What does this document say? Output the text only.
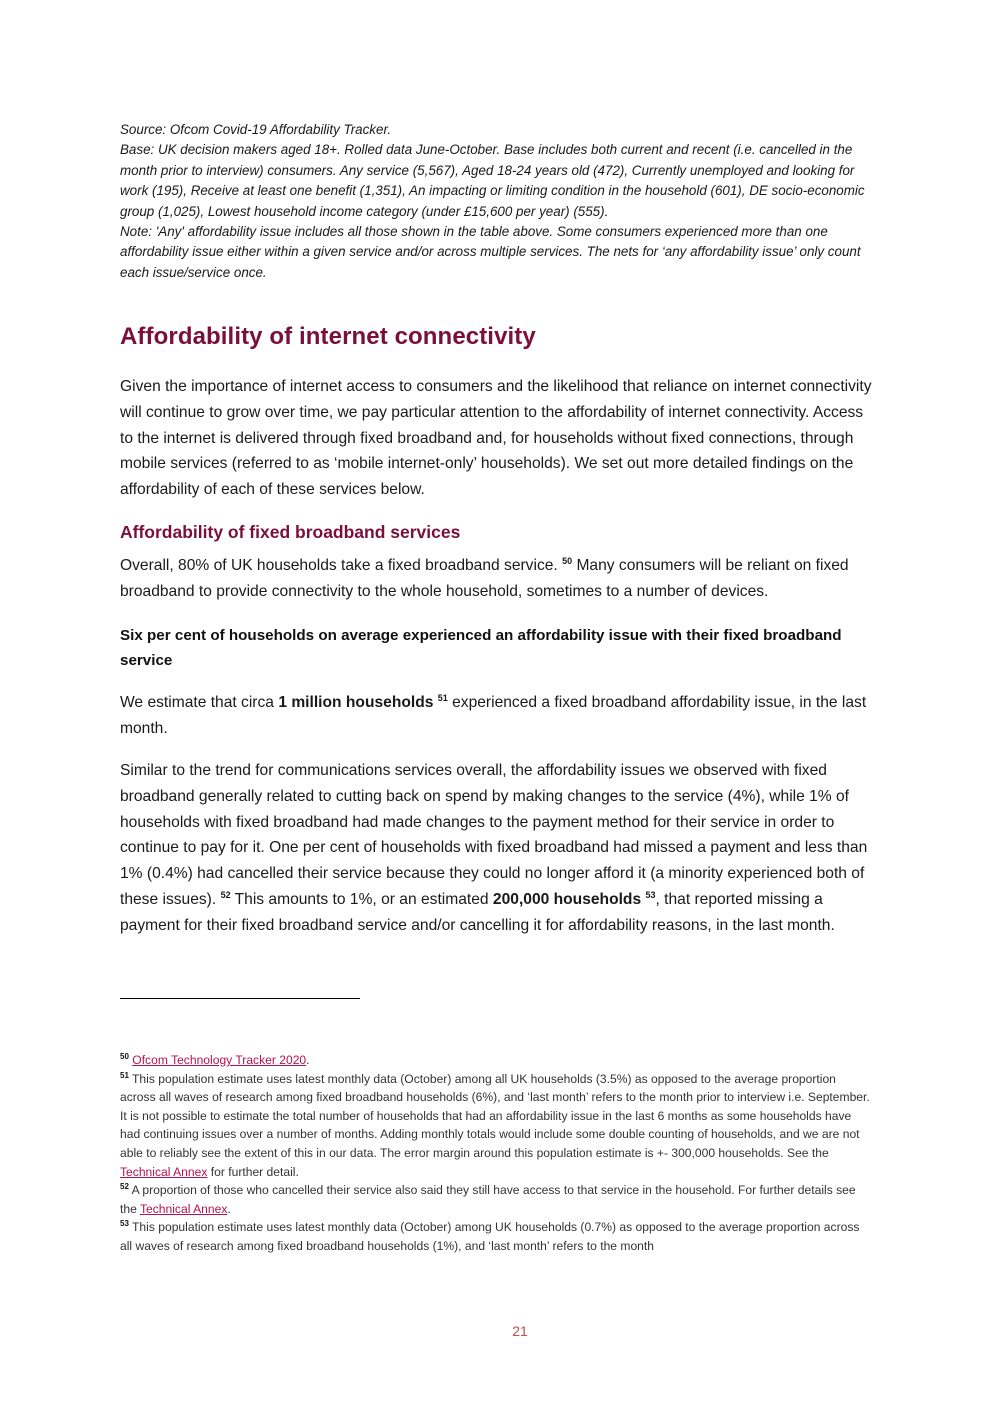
Source: Ofcom Covid-19 Affordability Tracker.

Base: UK decision makers aged 18+. Rolled data June-October. Base includes both current and recent (i.e. cancelled in the month prior to interview) consumers. Any service (5,567), Aged 18-24 years old (472), Currently unemployed and looking for work (195), Receive at least one benefit (1,351), An impacting or limiting condition in the household (601), DE socio-economic group (1,025), Lowest household income category (under £15,600 per year) (555).

Note: 'Any' affordability issue includes all those shown in the table above. Some consumers experienced more than one affordability issue either within a given service and/or across multiple services. The nets for ‘any affordability issue’ only count each issue/service once.

Affordability of internet connectivity

Given the importance of internet access to consumers and the likelihood that reliance on internet connectivity will continue to grow over time, we pay particular attention to the affordability of internet connectivity. Access to the internet is delivered through fixed broadband and, for households without fixed connections, through mobile services (referred to as ‘mobile internet-only’ households). We set out more detailed findings on the affordability of each of these services below.

Affordability of fixed broadband services

Overall, 80% of UK households take a fixed broadband service. $^{50}$ Many consumers will be reliant on fixed broadband to provide connectivity to the whole household, sometimes to a number of devices.

Six per cent of households on average experienced an affordability issue with their fixed broadband service

We estimate that circa 1 million households $^{51}$ experienced a fixed broadband affordability issue, in the last month.

Similar to the trend for communications services overall, the affordability issues we observed with fixed broadband generally related to cutting back on spend by making changes to the service (4%), while 1% of households with fixed broadband had made changes to the payment method for their service in order to continue to pay for it. One per cent of households with fixed broadband had missed a payment and less than 1% (0.4%) had cancelled their service because they could no longer afford it (a minority experienced both of these issues). $^{52}$ This amounts to 1%, or an estimated 200,000 households $^{53}$, that reported missing a payment for their fixed broadband service and/or cancelling it for affordability reasons, in the last month.

$^{50}$ Ofcom Technology Tracker 2020.

$^{51}$ This population estimate uses latest monthly data (October) among all UK households (3.5%) as opposed to the average proportion across all waves of research among fixed broadband households (6%), and ‘last month’ refers to the month prior to interview i.e. September. It is not possible to estimate the total number of households that had an affordability issue in the last 6 months as some households have had continuing issues over a number of months. Adding monthly totals would include some double counting of households, and we are not able to reliably see the extent of this in our data. The error margin around this population estimate is +- 300,000 households. See the Technical Annex for further detail.

$^{52}$ A proportion of those who cancelled their service also said they still have access to that service in the household. For further details see the Technical Annex.

$^{53}$ This population estimate uses latest monthly data (October) among UK households (0.7%) as opposed to the average proportion across all waves of research among fixed broadband households (1%), and ‘last month’ refers to the month

21
